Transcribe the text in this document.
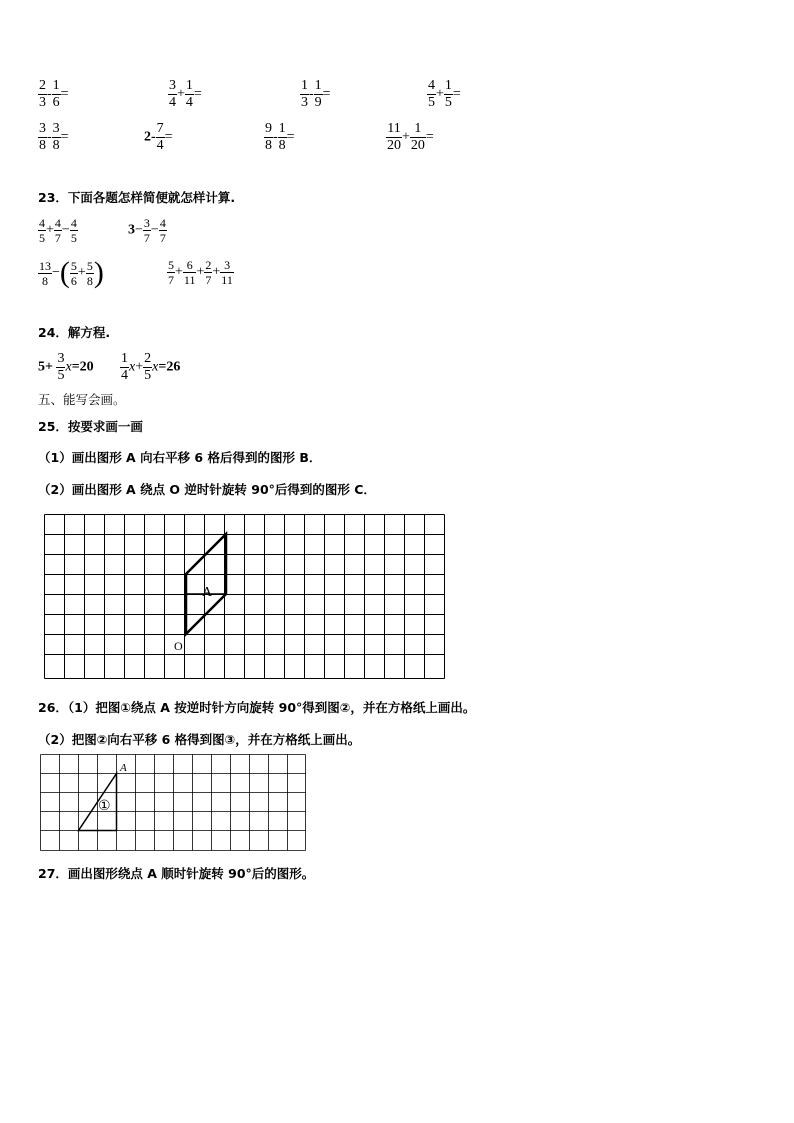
$\frac{2}{3} - \frac{1}{6}$ =	$\frac{3}{4} + \frac{1}{4}$ =	$\frac{1}{3} - \frac{1}{9}$ =	$\frac{4}{5} + \frac{1}{5}$ =
$\frac{3}{8} - \frac{3}{8}$ =	$2- \frac{7}{4}$ =	$\frac{9}{8} - \frac{1}{8}$ =	$\frac{11}{20} + \frac{1}{20}$ =
23．下面各题怎样简便就怎样计算.
$\frac{4}{5} + \frac{4}{7} - \frac{4}{5}$	$3- \frac{3}{7} - \frac{4}{7}$
$\frac{13}{8}$ −( $\frac{5}{6} + \frac{5}{8}$ )	$\frac{5}{7} + \frac{6}{11} + \frac{2}{7} + \frac{3}{11}$
24．解方程.
$5+ \frac{3}{5} x=20 \frac{1}{4} x+ \frac{2}{5} x=26$
五、能写会画。
25．按要求画一画
（1）画出图形 A 向右平移 6 格后得到的图形 B．
（2）画出图形 A 绕点 O 逆时针旋转 90°后得到的图形 C．
A
O
26．（1）把图①绕点 A 按逆时针方向旋转 90°得到图②，并在方格纸上画出。
（2）把图②向右平移 6 格得到图③，并在方格纸上画出。
A
①
27．画出图形绕点 A 顺时针旋转 90°后的图形。
